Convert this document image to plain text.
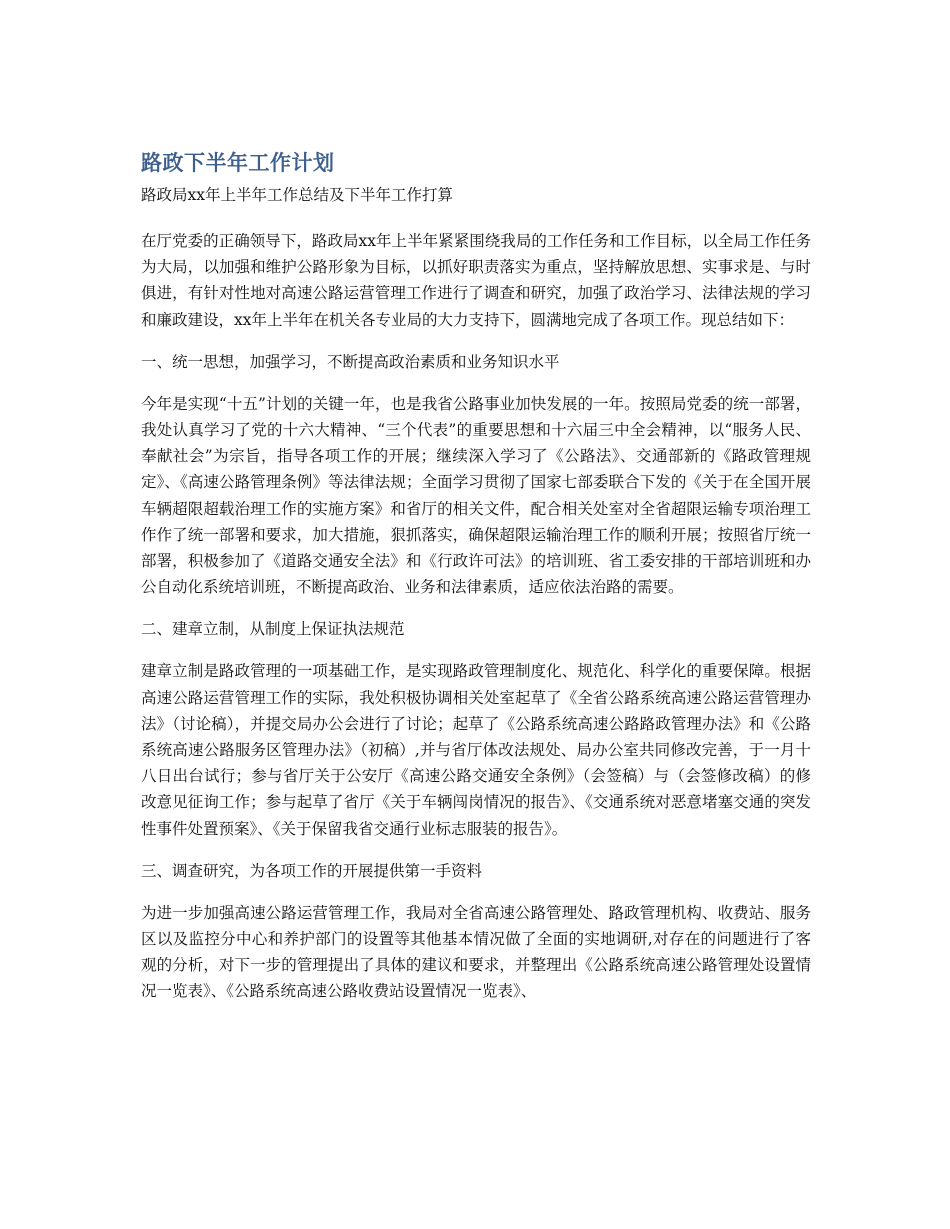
路政下半年工作计划

路政局xx年上半年工作总结及下半年工作打算

在厅党委的正确领导下，路政局xx年上半年紧紧围绕我局的工作任务和工作目标，以全局工作任务为大局，以加强和维护公路形象为目标，以抓好职责落实为重点，坚持解放思想、实事求是、与时俱进，有针对性地对高速公路运营管理工作进行了调查和研究，加强了政治学习、法律法规的学习和廉政建设，xx年上半年在机关各专业局的大力支持下，圆满地完成了各项工作。现总结如下：

一、统一思想，加强学习，不断提高政治素质和业务知识水平

今年是实现“十五”计划的关键一年，也是我省公路事业加快发展的一年。按照局党委的统一部署，我处认真学习了党的十六大精神、“三个代表”的重要思想和十六届三中全会精神，以“服务人民、奉献社会”为宗旨，指导各项工作的开展；继续深入学习了《公路法》、交通部新的《路政管理规定》、《高速公路管理条例》等法律法规；全面学习贯彻了国家七部委联合下发的《关于在全国开展车辆超限超载治理工作的实施方案》和省厅的相关文件，配合相关处室对全省超限运输专项治理工作作了统一部署和要求，加大措施，狠抓落实，确保超限运输治理工作的顺利开展；按照省厅统一部署，积极参加了《道路交通安全法》和《行政许可法》的培训班、省工委安排的干部培训班和办公自动化系统培训班，不断提高政治、业务和法律素质，适应依法治路的需要。

二、建章立制，从制度上保证执法规范

建章立制是路政管理的一项基础工作，是实现路政管理制度化、规范化、科学化的重要保障。根据高速公路运营管理工作的实际，我处积极协调相关处室起草了《全省公路系统高速公路运营管理办法》（讨论稿），并提交局办公会进行了讨论；起草了《公路系统高速公路路政管理办法》和《公路系统高速公路服务区管理办法》（初稿）,并与省厅体改法规处、局办公室共同修改完善，于一月十八日出台试行；参与省厅关于公安厅《高速公路交通安全条例》（会签稿）与（会签修改稿）的修改意见征询工作；参与起草了省厅《关于车辆闯岗情况的报告》、《交通系统对恶意堵塞交通的突发性事件处置预案》、《关于保留我省交通行业标志服装的报告》。

三、调查研究，为各项工作的开展提供第一手资料

为进一步加强高速公路运营管理工作，我局对全省高速公路管理处、路政管理机构、收费站、服务区以及监控分中心和养护部门的设置等其他基本情况做了全面的实地调研,对存在的问题进行了客观的分析，对下一步的管理提出了具体的建议和要求，并整理出《公路系统高速公路管理处设置情况一览表》、《公路系统高速公路收费站设置情况一览表》、
